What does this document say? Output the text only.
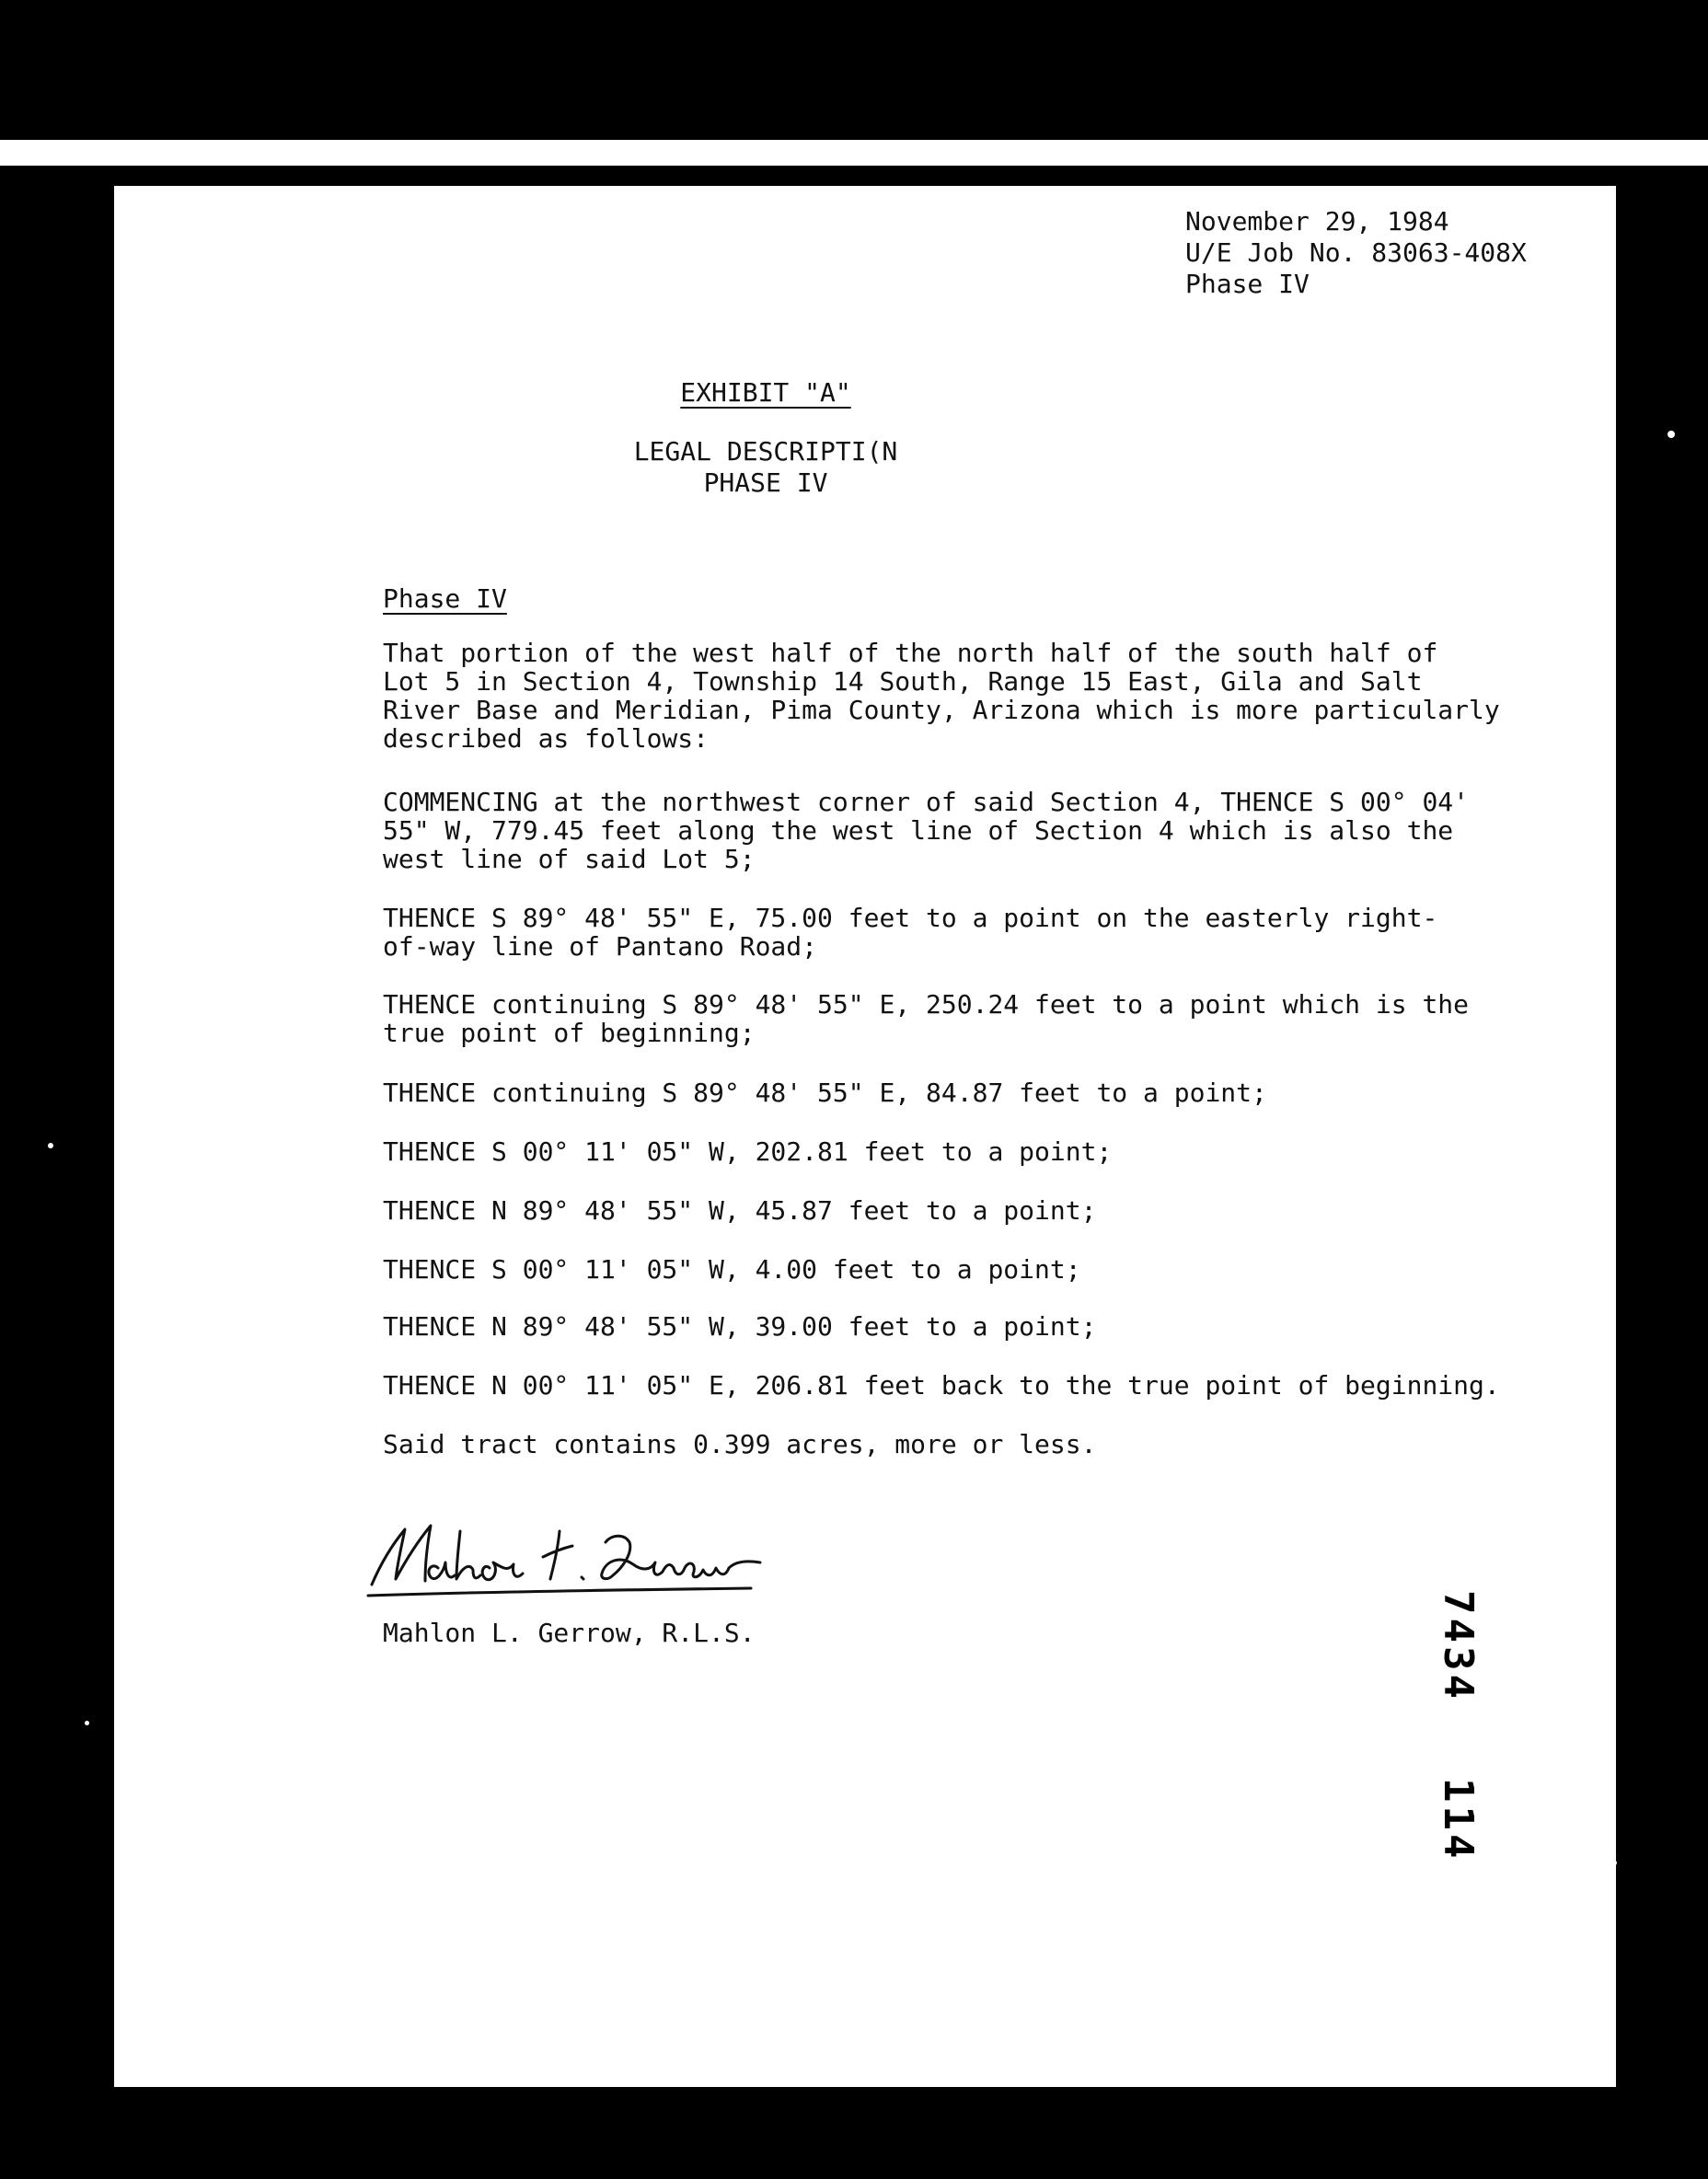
November 29, 1984
U/E Job No. 83063-408X
Phase IV
EXHIBIT "A"
LEGAL DESCRIPTI(N
PHASE IV
Phase IV
That portion of the west half of the north half of the south half of
Lot 5 in Section 4, Township 14 South, Range 15 East, Gila and Salt
River Base and Meridian, Pima County, Arizona which is more particularly
described as follows:
COMMENCING at the northwest corner of said Section 4, THENCE S 00° 04'
55" W, 779.45 feet along the west line of Section 4 which is also the
west line of said Lot 5;
THENCE S 89° 48' 55" E, 75.00 feet to a point on the easterly right-
of-way line of Pantano Road;
THENCE continuing S 89° 48' 55" E, 250.24 feet to a point which is the
true point of beginning;
THENCE continuing S 89° 48' 55" E, 84.87 feet to a point;
THENCE S 00° 11' 05" W, 202.81 feet to a point;
THENCE N 89° 48' 55" W, 45.87 feet to a point;
THENCE S 00° 11' 05" W, 4.00 feet to a point;
THENCE N 89° 48' 55" W, 39.00 feet to a point;
THENCE N 00° 11' 05" E, 206.81 feet back to the true point of beginning.
Said tract contains 0.399 acres, more or less.
Mahlon L. Gerrow
Mahlon L. Gerrow, R.L.S.	7434
114
